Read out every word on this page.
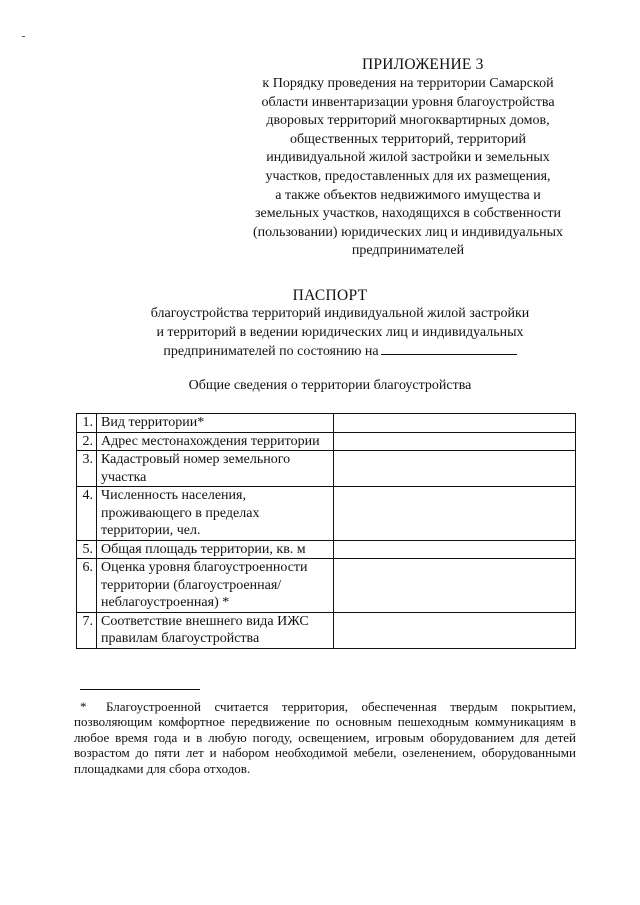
ПРИЛОЖЕНИЕ 3
к Порядку проведения на территории Самарской
области инвентаризации уровня благоустройства
дворовых территорий многоквартирных домов,
общественных территорий, территорий
индивидуальной жилой застройки и земельных
участков, предоставленных для их размещения,
а также объектов недвижимого имущества и
земельных участков, находящихся в собственности
(пользовании) юридических лиц и индивидуальных
предпринимателей
ПАСПОРТ
благоустройства территорий индивидуальной жилой застройки
и территорий в ведении юридических лиц и индивидуальных
предпринимателей по состоянию на
Общие сведения о территории благоустройства
1.	Вид территории*	
2.	Адрес местонахождения территории	
3.	Кадастровый номер земельного участка	
4.	Численность населения, проживающего в пределах территории, чел.	
5.	Общая площадь территории, кв. м	
6.	Оценка уровня благоустроенности территории (благоустроенная/ неблагоустроенная) *	
7.	Соответствие внешнего вида ИЖС правилам благоустройства	
* Благоустроенной считается территория, обеспеченная твердым покрытием, позволяющим комфортное передвижение по основным пешеходным коммуникациям в любое время года и в любую погоду, освещением, игровым оборудованием для детей возрастом до пяти лет и набором необходимой мебели, озеленением, оборудованными площадками для сбора отходов.
